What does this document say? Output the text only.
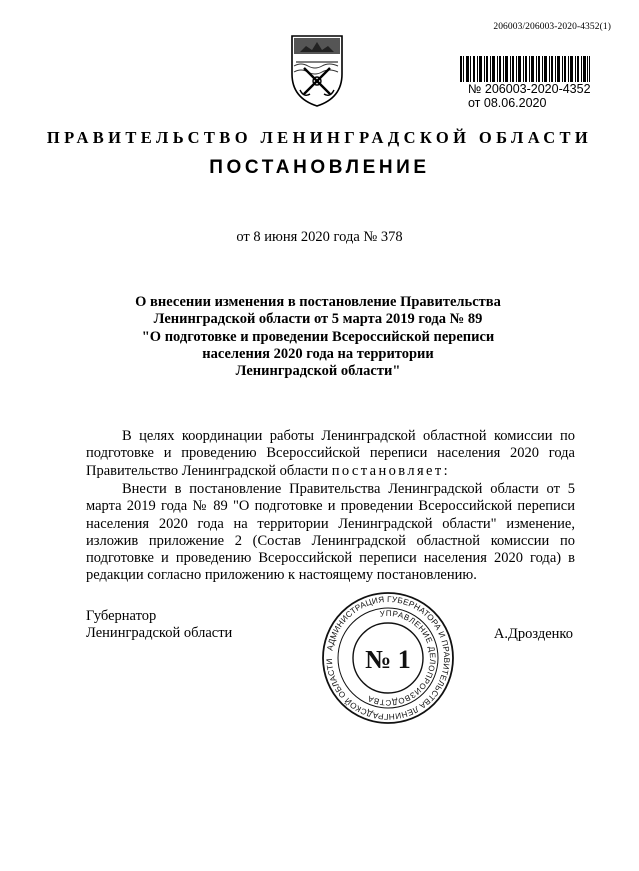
206003/206003-2020-4352(1)
№ 206003-2020-4352
от 08.06.2020
ПРАВИТЕЛЬСТВО ЛЕНИНГРАДСКОЙ ОБЛАСТИ
ПОСТАНОВЛЕНИЕ
от 8 июня 2020 года № 378
О внесении изменения в постановление Правительства
Ленинградской области от 5 марта 2019 года № 89
"О подготовке и проведении Всероссийской переписи
населения 2020 года на территории
Ленинградской области"
В целях координации работы Ленинградской областной комиссии по подготовке и проведению Всероссийской переписи населения 2020 года Правительство Ленинградской области постановляет:
Внести в постановление Правительства Ленинградской области от 5 марта 2019 года № 89 "О подготовке и проведении Всероссийской переписи населения 2020 года на территории Ленинградской области" изменение, изложив приложение 2 (Состав Ленинградской областной комиссии по подготовке и проведению Всероссийской переписи населения 2020 года) в редакции согласно приложению к настоящему постановлению.
Губернатор
Ленинградской области	А.Дрозденко
АДМИНИСТРАЦИЯ ГУБЕРНАТОРА И ПРАВИТЕЛЬСТВА ЛЕНИНГРАДСКОЙ ОБЛАСТИ
УПРАВЛЕНИЕ ДЕЛОПРОИЗВОДСТВА
№ 1
